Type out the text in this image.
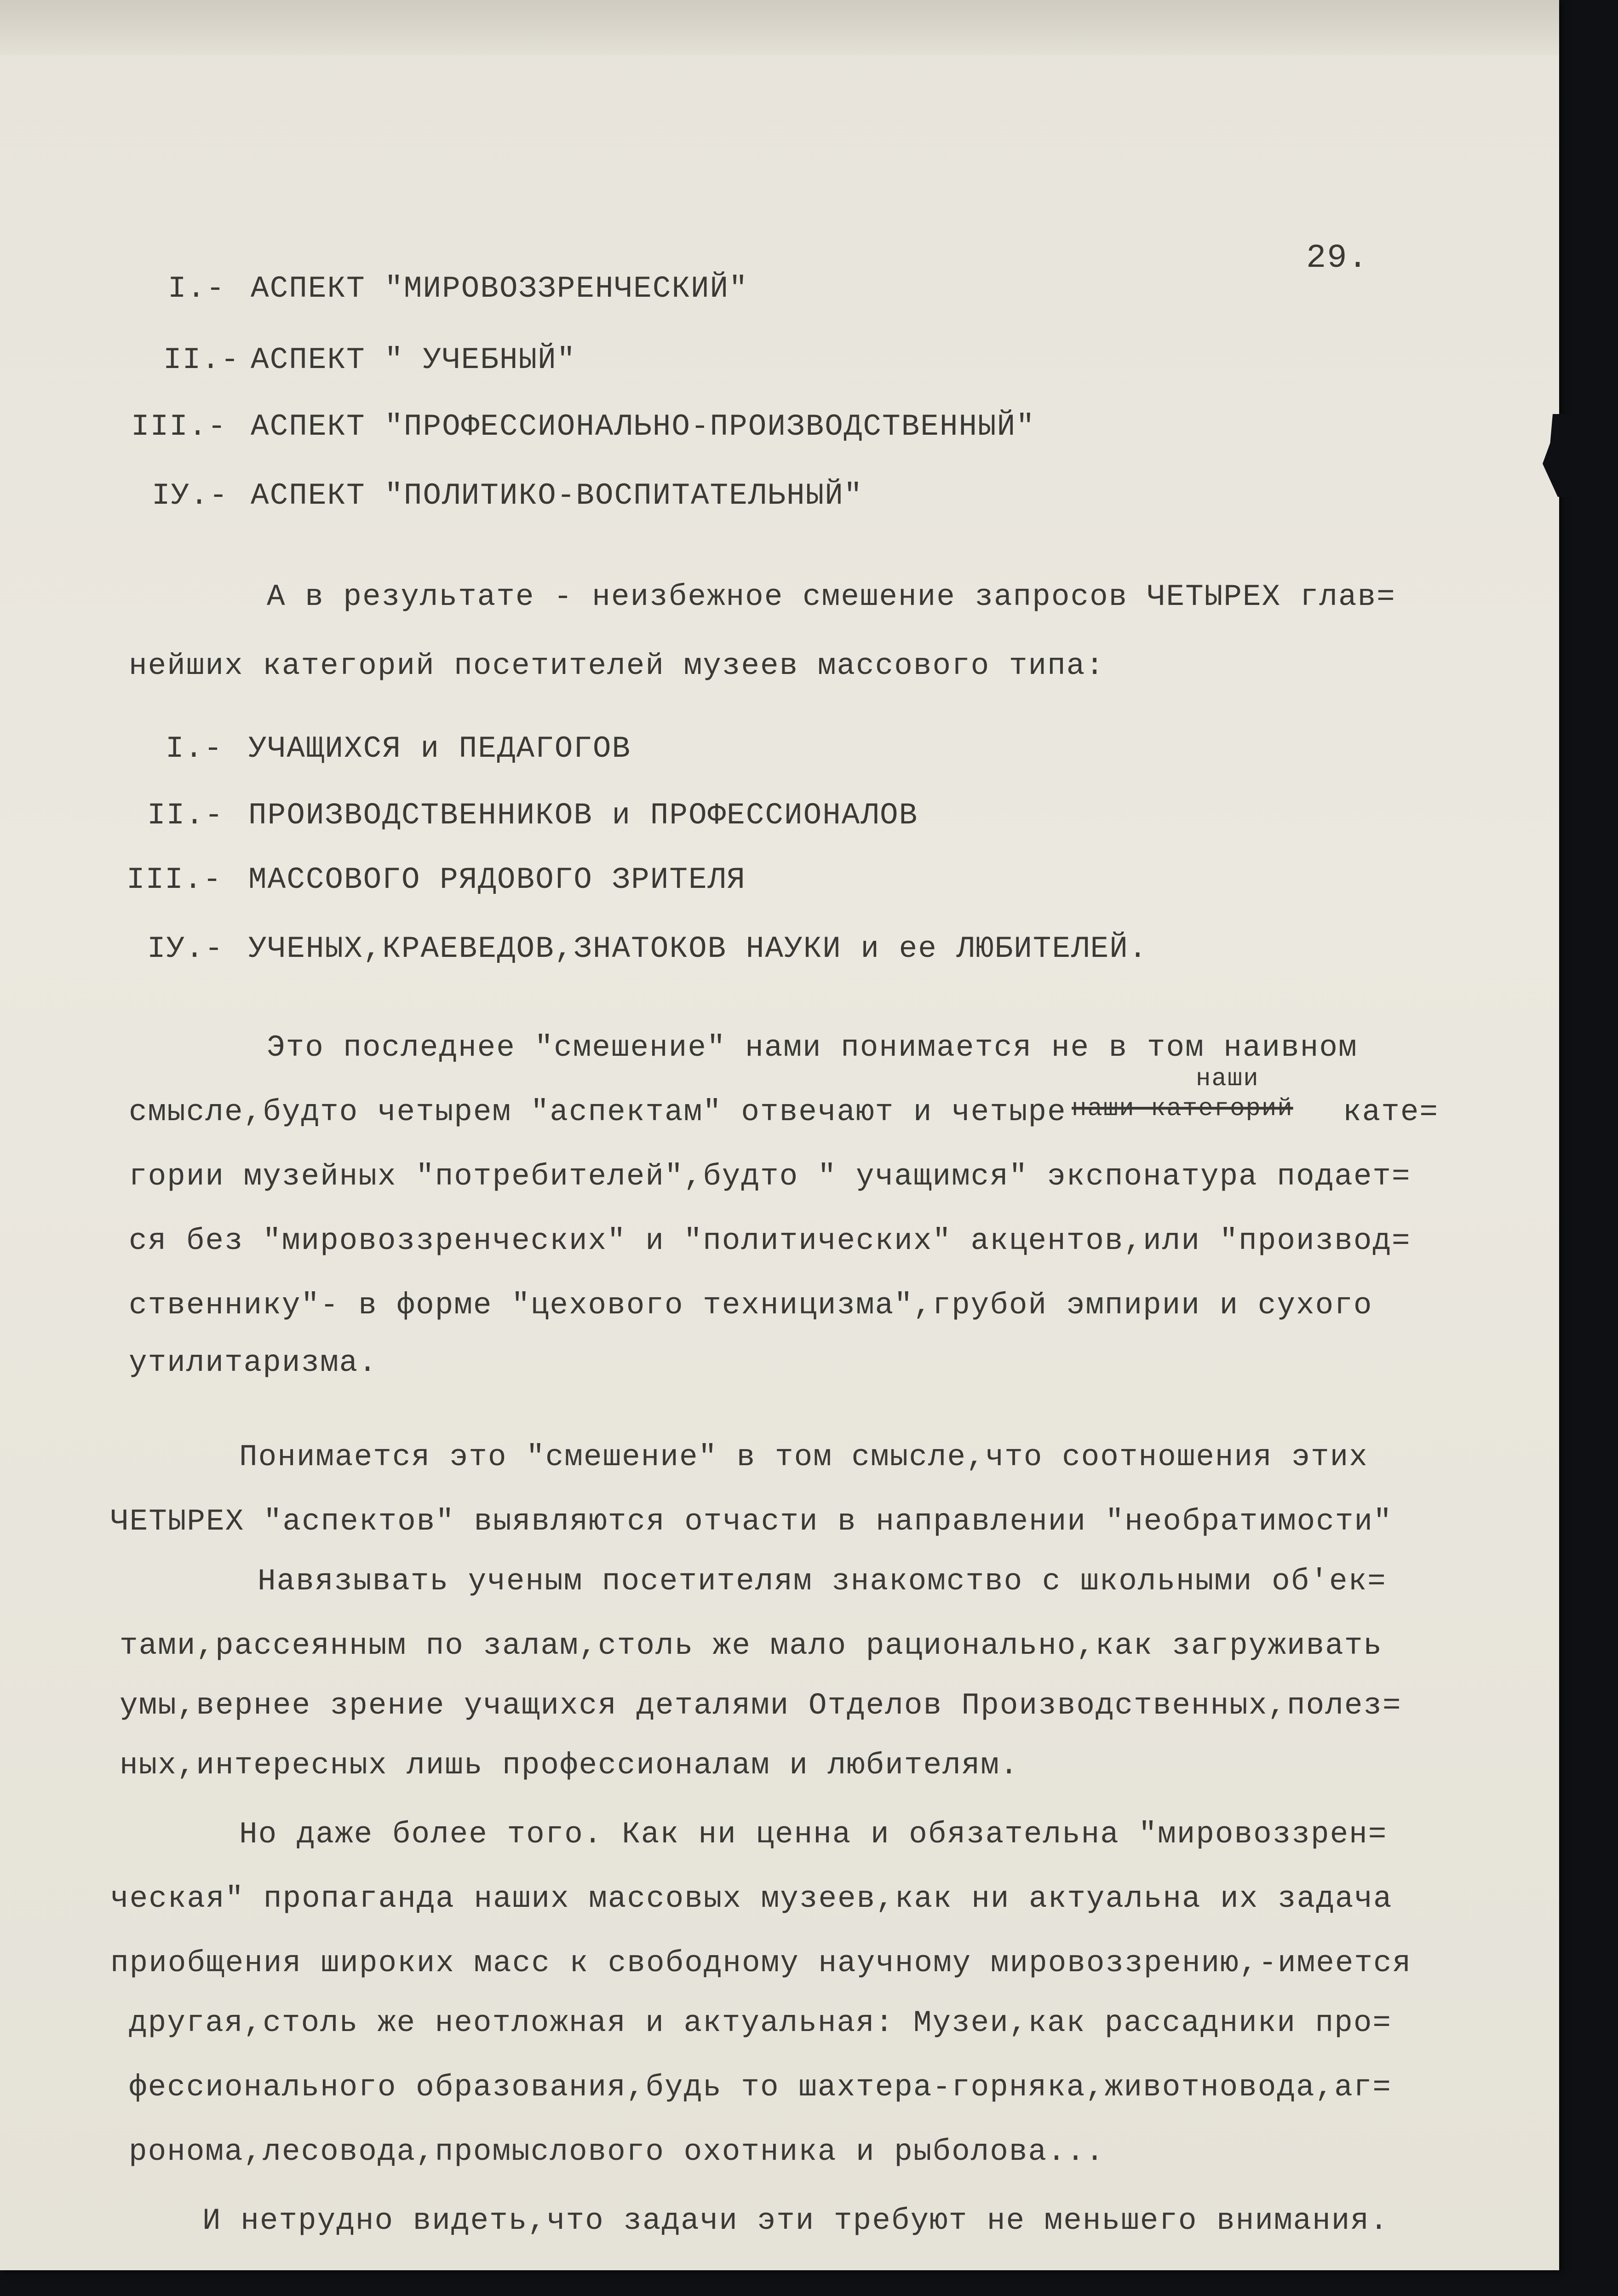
29.
I.- АСПЕКТ "МИРОВОЗЗРЕНЧЕСКИЙ"
II.- АСПЕКТ " УЧЕБНЫЙ"
III.- АСПЕКТ "ПРОФЕССИОНАЛЬНО-ПРОИЗВОДСТВЕННЫЙ"
IУ.- АСПЕКТ "ПОЛИТИКО-ВОСПИТАТЕЛЬНЫЙ"
А в результате - неизбежное смешение запросов ЧЕТЫРЕХ глав=
нейших категорий посетителей музеев массового типа:
I.- УЧАЩИХСЯ и ПЕДАГОГОВ
II.- ПРОИЗВОДСТВЕННИКОВ и ПРОФЕССИОНАЛОВ
III.- МАССОВОГО РЯДОВОГО ЗРИТЕЛЯ
IУ.- УЧЕНЫХ,КРАЕВЕДОВ,ЗНАТОКОВ НАУКИ и ее ЛЮБИТЕЛЕЙ.
Это последнее "смешение" нами понимается не в том наивном
наши
смысле,будто четырем "аспектам" отвечают и четыре наши категорий кате=
гории музейных "потребителей",будто " учащимся" экспонатура подает=
ся без "мировоззренческих" и "политических" акцентов,или "производ=
ственнику"- в форме "цехового техницизма",грубой эмпирии и сухого
утилитаризма.
Понимается это "смешение" в том смысле,что соотношения этих
ЧЕТЫРЕХ "аспектов" выявляются отчасти в направлении "необратимости"
Навязывать ученым посетителям знакомство с школьными об'ек=
тами,рассеянным по залам,столь же мало рационально,как загруживать
умы,вернее зрение учащихся деталями Отделов Производственных,полез=
ных,интересных лишь профессионалам и любителям.
Но даже более того. Как ни ценна и обязательна "мировоззрен=
ческая" пропаганда наших массовых музеев,как ни актуальна их задача
приобщения широких масс к свободному научному мировоззрению,-имеется
другая,столь же неотложная и актуальная: Музеи,как рассадники про=
фессионального образования,будь то шахтера-горняка,животновода,аг=
ронома,лесовода,промыслового охотника и рыболова...
И нетрудно видеть,что задачи эти требуют не меньшего внимания.
